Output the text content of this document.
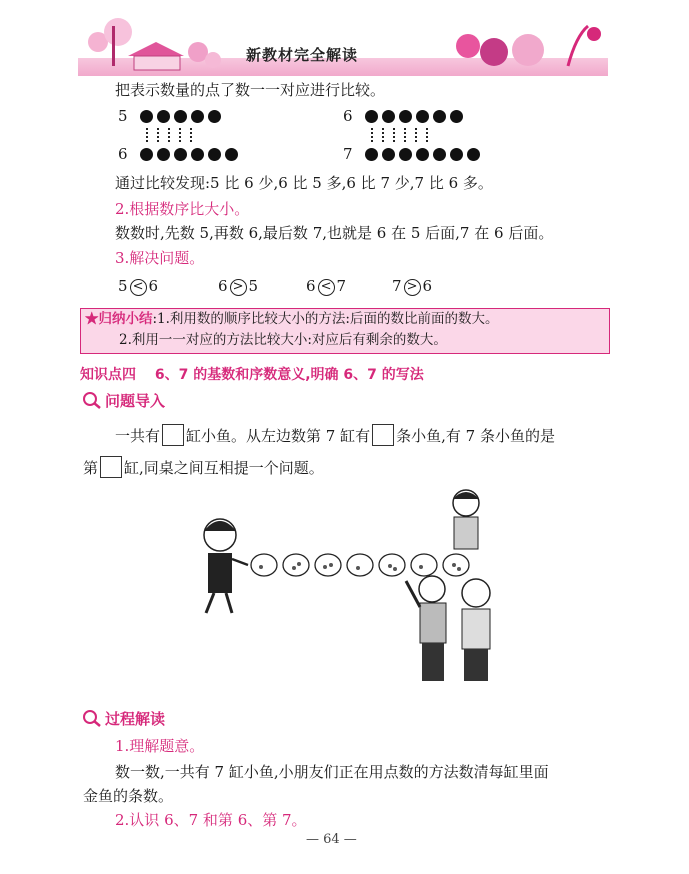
新教材完全解读
把表示数量的点了数一一对应进行比较。
5
6
6
7
通过比较发现:5 比 6 少,6 比 5 多,6 比 7 少,7 比 6 多。
2.根据数序比大小。
数数时,先数 5,再数 6,最后数 7,也就是 6 在 5 后面,7 在 6 后面。
3.解决问题。
5 < 6	6 > 5	6 < 7	7 > 6
★归纳小结:1.利用数的顺序比较大小的方法:后面的数比前面的数大。
2.利用一一对应的方法比较大小:对应后有剩余的数大。
知识点四 6、7 的基数和序数意义,明确 6、7 的写法
问题导入
一共有 缸小鱼。从左边数第 7 缸有 条小鱼,有 7 条小鱼的是
第 缸,同桌之间互相提一个问题。
过程解读
1.理解题意。
数一数,一共有 7 缸小鱼,小朋友们正在用点数的方法数清每缸里面
金鱼的条数。
2.认识 6、7 和第 6、第 7。
— 64 —
